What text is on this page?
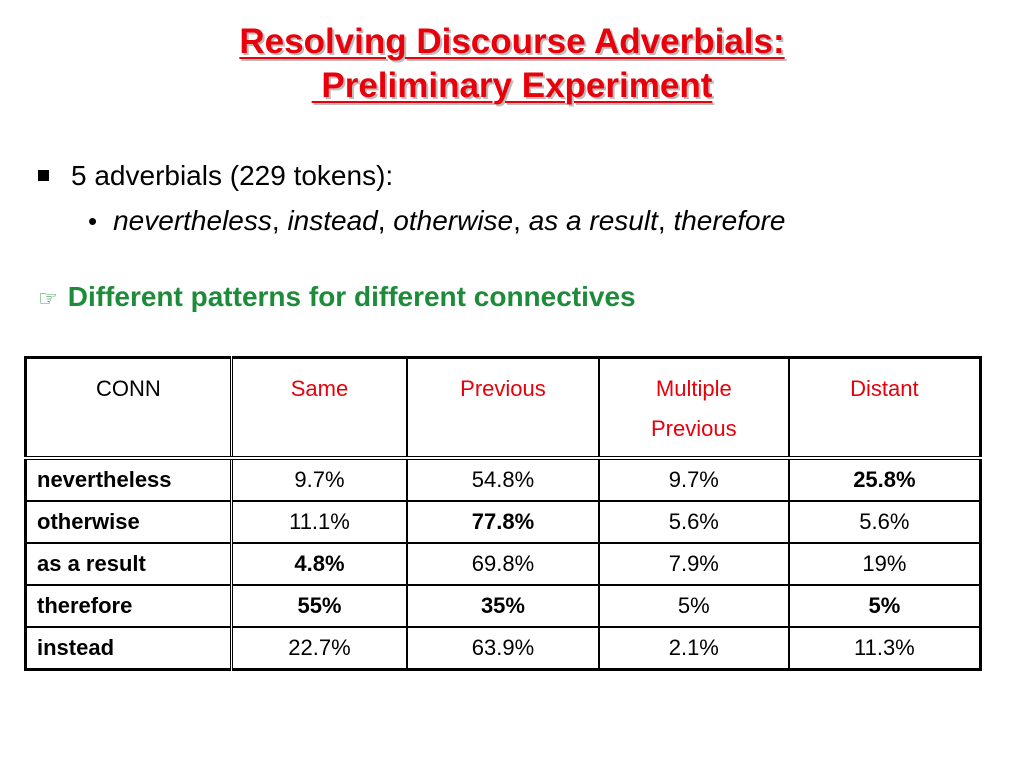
Resolving Discourse Adverbials:
Preliminary Experiment
5 adverbials (229 tokens):
• nevertheless, instead, otherwise, as a result, therefore
☞ Different patterns for different connectives
CONN	Same	Previous	Multiple Previous	Distant
nevertheless	9.7%	54.8%	9.7%	25.8%
otherwise	11.1%	77.8%	5.6%	5.6%
as a result	4.8%	69.8%	7.9%	19%
therefore	55%	35%	5%	5%
instead	22.7%	63.9%	2.1%	11.3%
